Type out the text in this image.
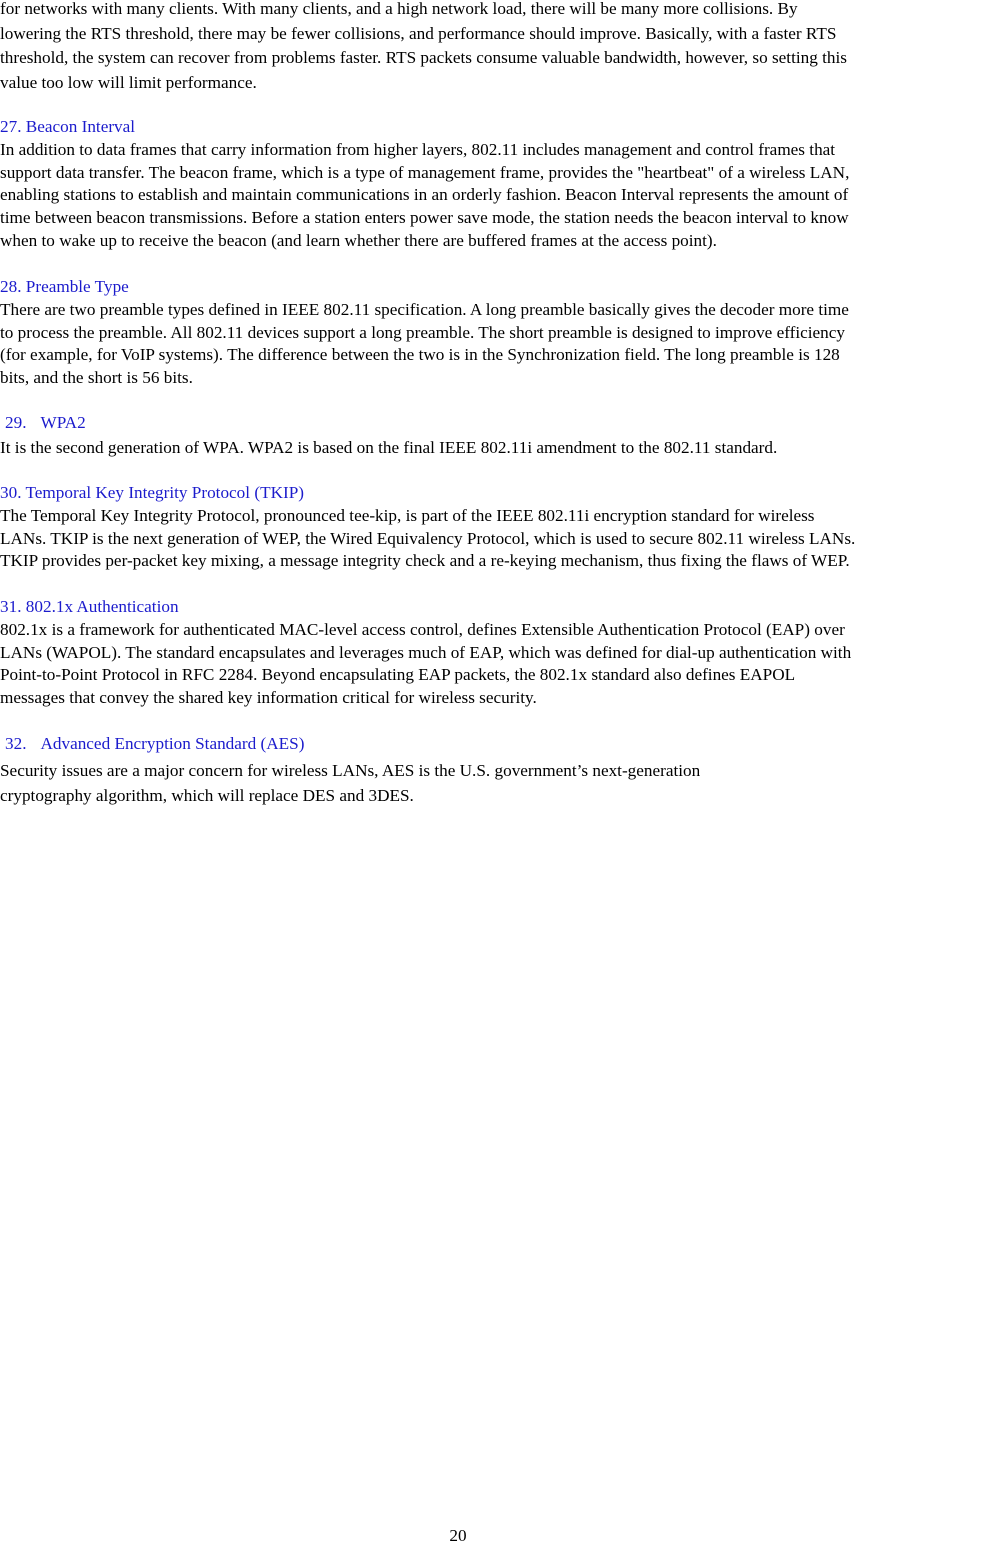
for networks with many clients. With many clients, and a high network load, there will be many more collisions. By
lowering the RTS threshold, there may be fewer collisions, and performance should improve. Basically, with a faster RTS
threshold, the system can recover from problems faster. RTS packets consume valuable bandwidth, however, so setting this
value too low will limit performance.

27. Beacon Interval

In addition to data frames that carry information from higher layers, 802.11 includes management and control frames that
support data transfer. The beacon frame, which is a type of management frame, provides the "heartbeat" of a wireless LAN,
enabling stations to establish and maintain communications in an orderly fashion. Beacon Interval represents the amount of
time between beacon transmissions. Before a station enters power save mode, the station needs the beacon interval to know
when to wake up to receive the beacon (and learn whether there are buffered frames at the access point).

28. Preamble Type

There are two preamble types defined in IEEE 802.11 specification. A long preamble basically gives the decoder more time
to process the preamble. All 802.11 devices support a long preamble. The short preamble is designed to improve efficiency
(for example, for VoIP systems). The difference between the two is in the Synchronization field. The long preamble is 128
bits, and the short is 56 bits.

29. WPA2

It is the second generation of WPA. WPA2 is based on the final IEEE 802.11i amendment to the 802.11 standard.

30. Temporal Key Integrity Protocol (TKIP)

The Temporal Key Integrity Protocol, pronounced tee-kip, is part of the IEEE 802.11i encryption standard for wireless
LANs. TKIP is the next generation of WEP, the Wired Equivalency Protocol, which is used to secure 802.11 wireless LANs.
TKIP provides per-packet key mixing, a message integrity check and a re-keying mechanism, thus fixing the flaws of WEP.

31. 802.1x Authentication

802.1x is a framework for authenticated MAC-level access control, defines Extensible Authentication Protocol (EAP) over
LANs (WAPOL). The standard encapsulates and leverages much of EAP, which was defined for dial-up authentication with
Point-to-Point Protocol in RFC 2284. Beyond encapsulating EAP packets, the 802.1x standard also defines EAPOL
messages that convey the shared key information critical for wireless security.

32. Advanced Encryption Standard (AES)

Security issues are a major concern for wireless LANs, AES is the U.S. government’s next-generation
cryptography algorithm, which will replace DES and 3DES.

20
